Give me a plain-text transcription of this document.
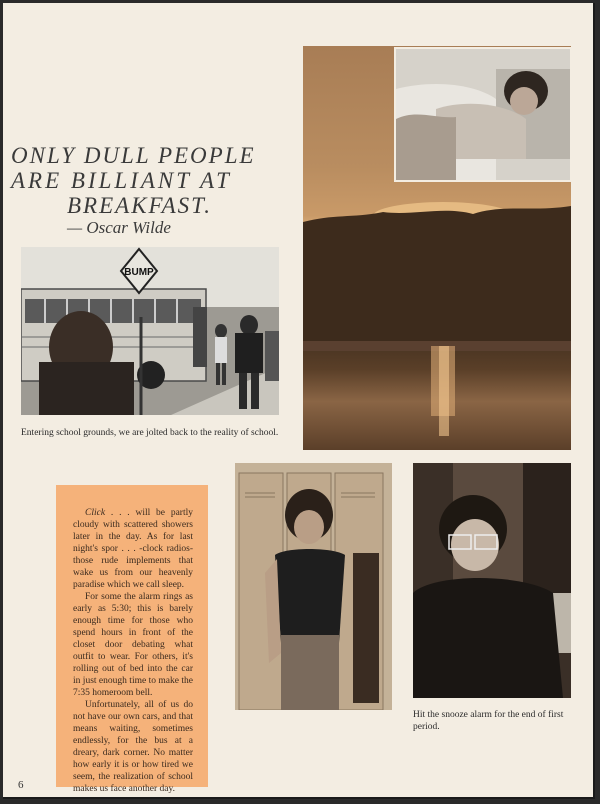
ONLY DULL PEOPLE
ARE BILLIANT AT
BREAKFAST.
— Oscar Wilde
BUMP
Entering school grounds, we are jolted back to the reality of school.

Click . . . will be partly cloudy with scattered showers later in the day. As for last night's spor . . . -clock radios-those rude implements that wake us from our heavenly paradise which we call sleep.

For some the alarm rings as early as 5:30; this is barely enough time for those who spend hours in front of the closet door debating what outfit to wear. For others, it's rolling out of bed into the car in just enough time to make the 7:35 homeroom bell.

Unfortunately, all of us do not have our own cars, and that means waiting, sometimes endlessly, for the bus at a dreary, dark corner. No matter how early it is or how tired we seem, the realization of school makes us face another day.

Hit the snooze alarm for the end of first period.
6
